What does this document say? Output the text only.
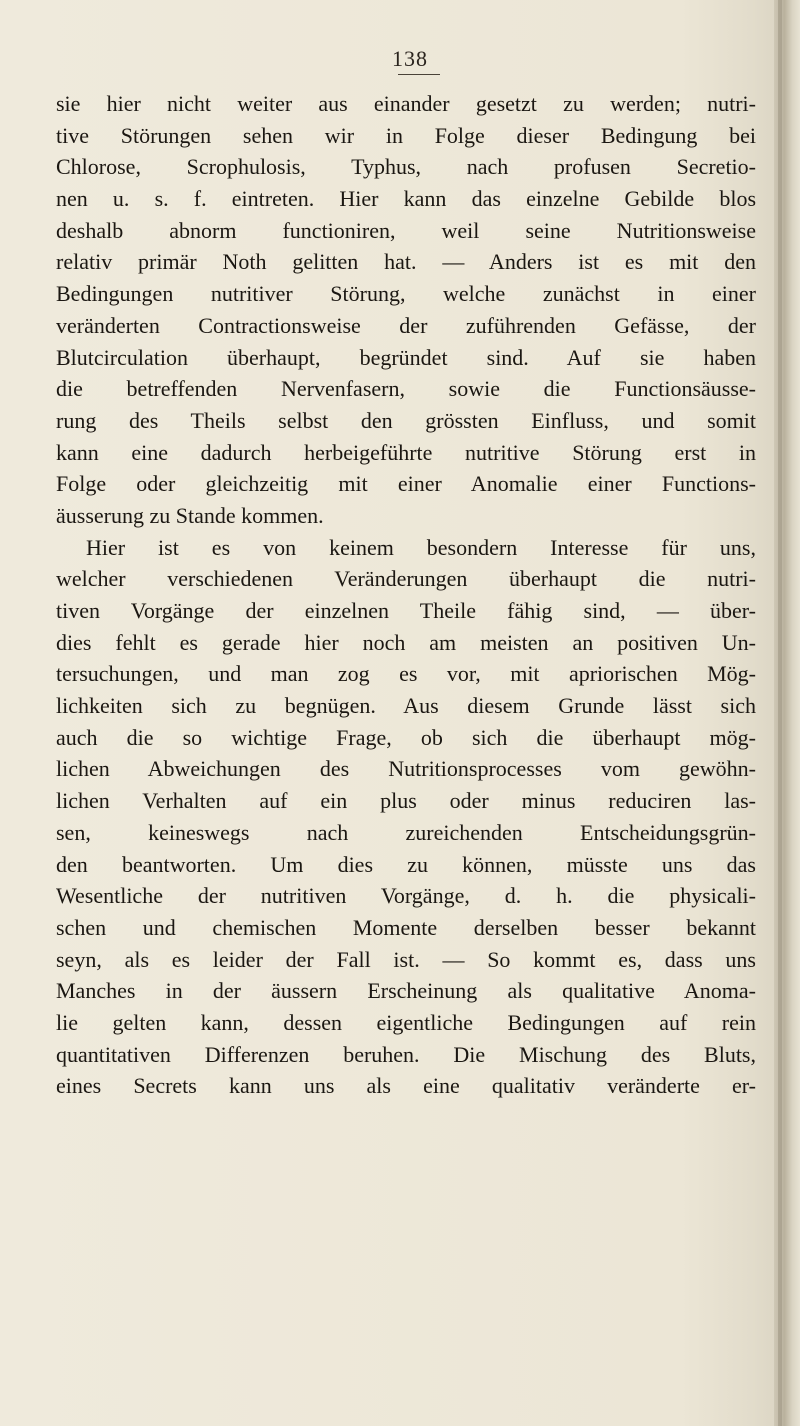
138
sie hier nicht weiter aus einander gesetzt zu werden; nutri-
tive Störungen sehen wir in Folge dieser Bedingung bei
Chlorose, Scrophulosis, Typhus, nach profusen Secretio-
nen u. s. f. eintreten. Hier kann das einzelne Gebilde blos
deshalb abnorm functioniren, weil seine Nutritionsweise
relativ primär Noth gelitten hat. — Anders ist es mit den
Bedingungen nutritiver Störung, welche zunächst in einer
veränderten Contractionsweise der zuführenden Gefässe, der
Blutcirculation überhaupt, begründet sind. Auf sie haben
die betreffenden Nervenfasern, sowie die Functionsäusse-
rung des Theils selbst den grössten Einfluss, und somit
kann eine dadurch herbeigeführte nutritive Störung erst in
Folge oder gleichzeitig mit einer Anomalie einer Functions-
äusserung zu Stande kommen.
Hier ist es von keinem besondern Interesse für uns,
welcher verschiedenen Veränderungen überhaupt die nutri-
tiven Vorgänge der einzelnen Theile fähig sind, — über-
dies fehlt es gerade hier noch am meisten an positiven Un-
tersuchungen, und man zog es vor, mit apriorischen Mög-
lichkeiten sich zu begnügen. Aus diesem Grunde lässt sich
auch die so wichtige Frage, ob sich die überhaupt mög-
lichen Abweichungen des Nutritionsprocesses vom gewöhn-
lichen Verhalten auf ein plus oder minus reduciren las-
sen, keineswegs nach zureichenden Entscheidungsgrün-
den beantworten. Um dies zu können, müsste uns das
Wesentliche der nutritiven Vorgänge, d. h. die physicali-
schen und chemischen Momente derselben besser bekannt
seyn, als es leider der Fall ist. — So kommt es, dass uns
Manches in der äussern Erscheinung als qualitative Anoma-
lie gelten kann, dessen eigentliche Bedingungen auf rein
quantitativen Differenzen beruhen. Die Mischung des Bluts,
eines Secrets kann uns als eine qualitativ veränderte er-
